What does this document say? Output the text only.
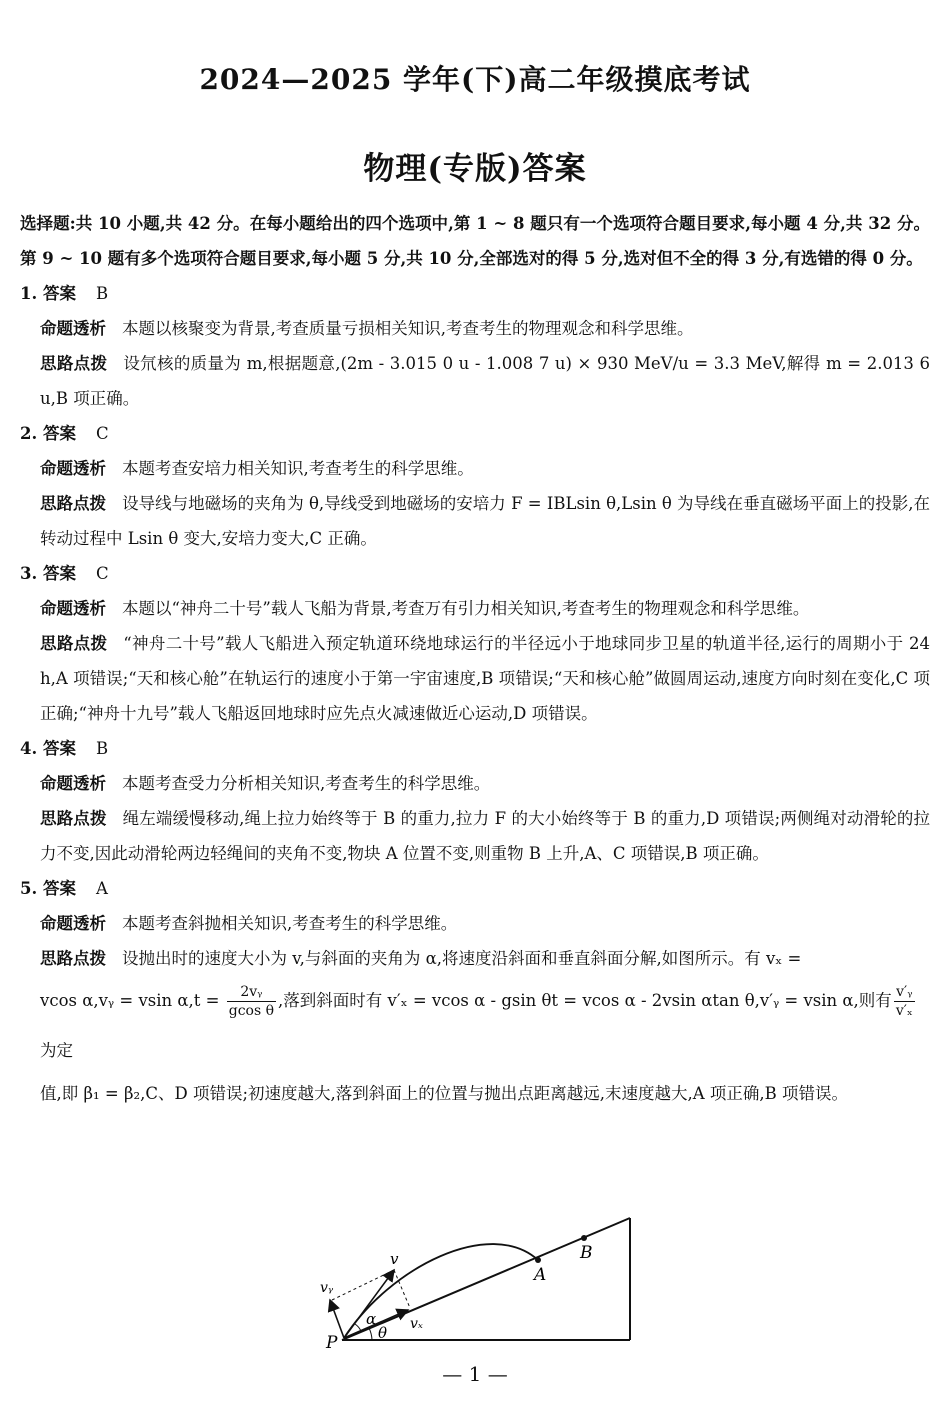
2024—2025 学年(下)高二年级摸底考试
物理(专版)答案

选择题:共 10 小题,共 42 分。在每小题给出的四个选项中,第 1 ~ 8 题只有一个选项符合题目要求,每小题 4 分,共 32 分。第 9 ~ 10 题有多个选项符合题目要求,每小题 5 分,共 10 分,全部选对的得 5 分,选对但不全的得 3 分,有选错的得 0 分。

1. 答案 B

命题透析 本题以核聚变为背景,考查质量亏损相关知识,考查考生的物理观念和科学思维。

思路点拨 设氘核的质量为 m,根据题意,(2m - 3.015 0 u - 1.008 7 u) × 930 MeV/u = 3.3 MeV,解得 m = 2.013 6 u,B 项正确。

2. 答案 C

命题透析 本题考查安培力相关知识,考查考生的科学思维。

思路点拨 设导线与地磁场的夹角为 θ,导线受到地磁场的安培力 F = IBLsin θ,Lsin θ 为导线在垂直磁场平面上的投影,在转动过程中 Lsin θ 变大,安培力变大,C 正确。

3. 答案 C

命题透析 本题以“神舟二十号”载人飞船为背景,考查万有引力相关知识,考查考生的物理观念和科学思维。

思路点拨 “神舟二十号”载人飞船进入预定轨道环绕地球运行的半径远小于地球同步卫星的轨道半径,运行的周期小于 24 h,A 项错误;“天和核心舱”在轨运行的速度小于第一宇宙速度,B 项错误;“天和核心舱”做圆周运动,速度方向时刻在变化,C 项正确;“神舟十九号”载人飞船返回地球时应先点火减速做近心运动,D 项错误。

4. 答案 B

命题透析 本题考查受力分析相关知识,考查考生的科学思维。

思路点拨 绳左端缓慢移动,绳上拉力始终等于 B 的重力,拉力 F 的大小始终等于 B 的重力,D 项错误;两侧绳对动滑轮的拉力不变,因此动滑轮两边轻绳间的夹角不变,物块 A 位置不变,则重物 B 上升,A、C 项错误,B 项正确。

5. 答案 A

命题透析 本题考查斜抛相关知识,考查考生的科学思维。

思路点拨 设抛出时的速度大小为 v,与斜面的夹角为 α,将速度沿斜面和垂直斜面分解,如图所示。有 vₓ =

vcos α,vᵧ = vsin $\alpha,t = \frac{\text{2vᵧ}}{\text{gcos θ}}$ ,落到斜面时有 v′ₓ = vcos α - gsin θt = vcos α - 2vsin αtan θ,v′ᵧ = vsin α,则有 $\frac{\text{v′ᵧ}}{\text{v′ₓ}}$
为定

值,即 β₁ = β₂,C、D 项错误;初速度越大,落到斜面上的位置与抛出点距离越远,末速度越大,A 项正确,B 项错误。

P
A
B
v
vₓ
vᵧ
α
θ
— 1 —
